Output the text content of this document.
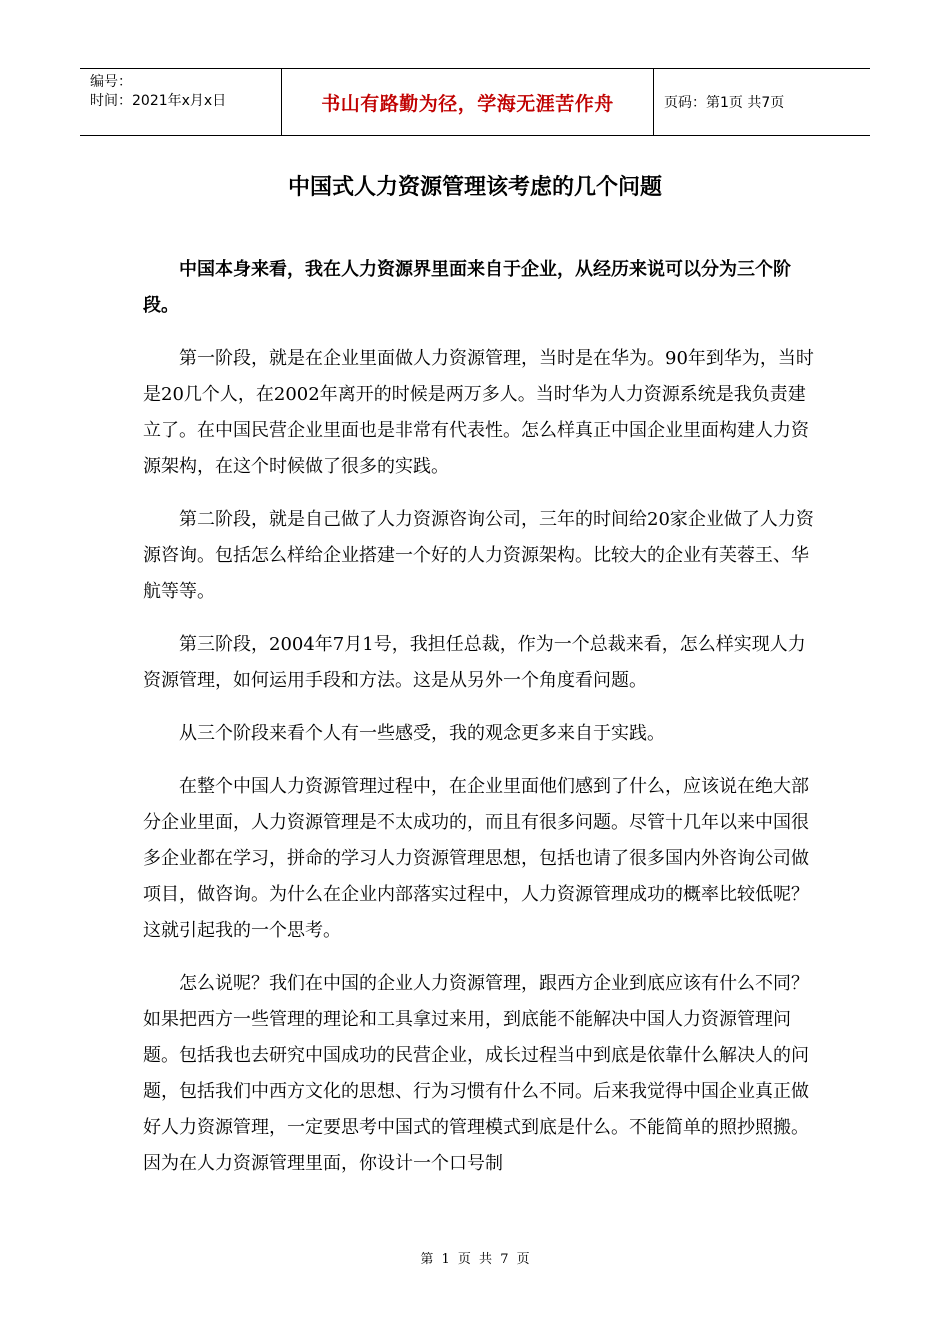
编号：
时间：2021年x月x日	书山有路勤为径，学海无涯苦作舟	页码：第1页 共7页
中国式人力资源管理该考虑的几个问题

中国本身来看，我在人力资源界里面来自于企业，从经历来说可以分为三个阶段。

第一阶段，就是在企业里面做人力资源管理，当时是在华为。90年到华为，当时是20几个人，在2002年离开的时候是两万多人。当时华为人力资源系统是我负责建立了。在中国民营企业里面也是非常有代表性。怎么样真正中国企业里面构建人力资源架构，在这个时候做了很多的实践。

第二阶段，就是自己做了人力资源咨询公司，三年的时间给20家企业做了人力资源咨询。包括怎么样给企业搭建一个好的人力资源架构。比较大的企业有芙蓉王、华航等等。

第三阶段，2004年7月1号，我担任总裁，作为一个总裁来看，怎么样实现人力资源管理，如何运用手段和方法。这是从另外一个角度看问题。

从三个阶段来看个人有一些感受，我的观念更多来自于实践。

在整个中国人力资源管理过程中，在企业里面他们感到了什么，应该说在绝大部分企业里面，人力资源管理是不太成功的，而且有很多问题。尽管十几年以来中国很多企业都在学习，拼命的学习人力资源管理思想，包括也请了很多国内外咨询公司做项目，做咨询。为什么在企业内部落实过程中，人力资源管理成功的概率比较低呢？这就引起我的一个思考。

怎么说呢？我们在中国的企业人力资源管理，跟西方企业到底应该有什么不同？如果把西方一些管理的理论和工具拿过来用，到底能不能解决中国人力资源管理问题。包括我也去研究中国成功的民营企业，成长过程当中到底是依靠什么解决人的问题，包括我们中西方文化的思想、行为习惯有什么不同。后来我觉得中国企业真正做好人力资源管理，一定要思考中国式的管理模式到底是什么。不能简单的照抄照搬。因为在人力资源管理里面，你设计一个口号制

第 1 页 共 7 页
